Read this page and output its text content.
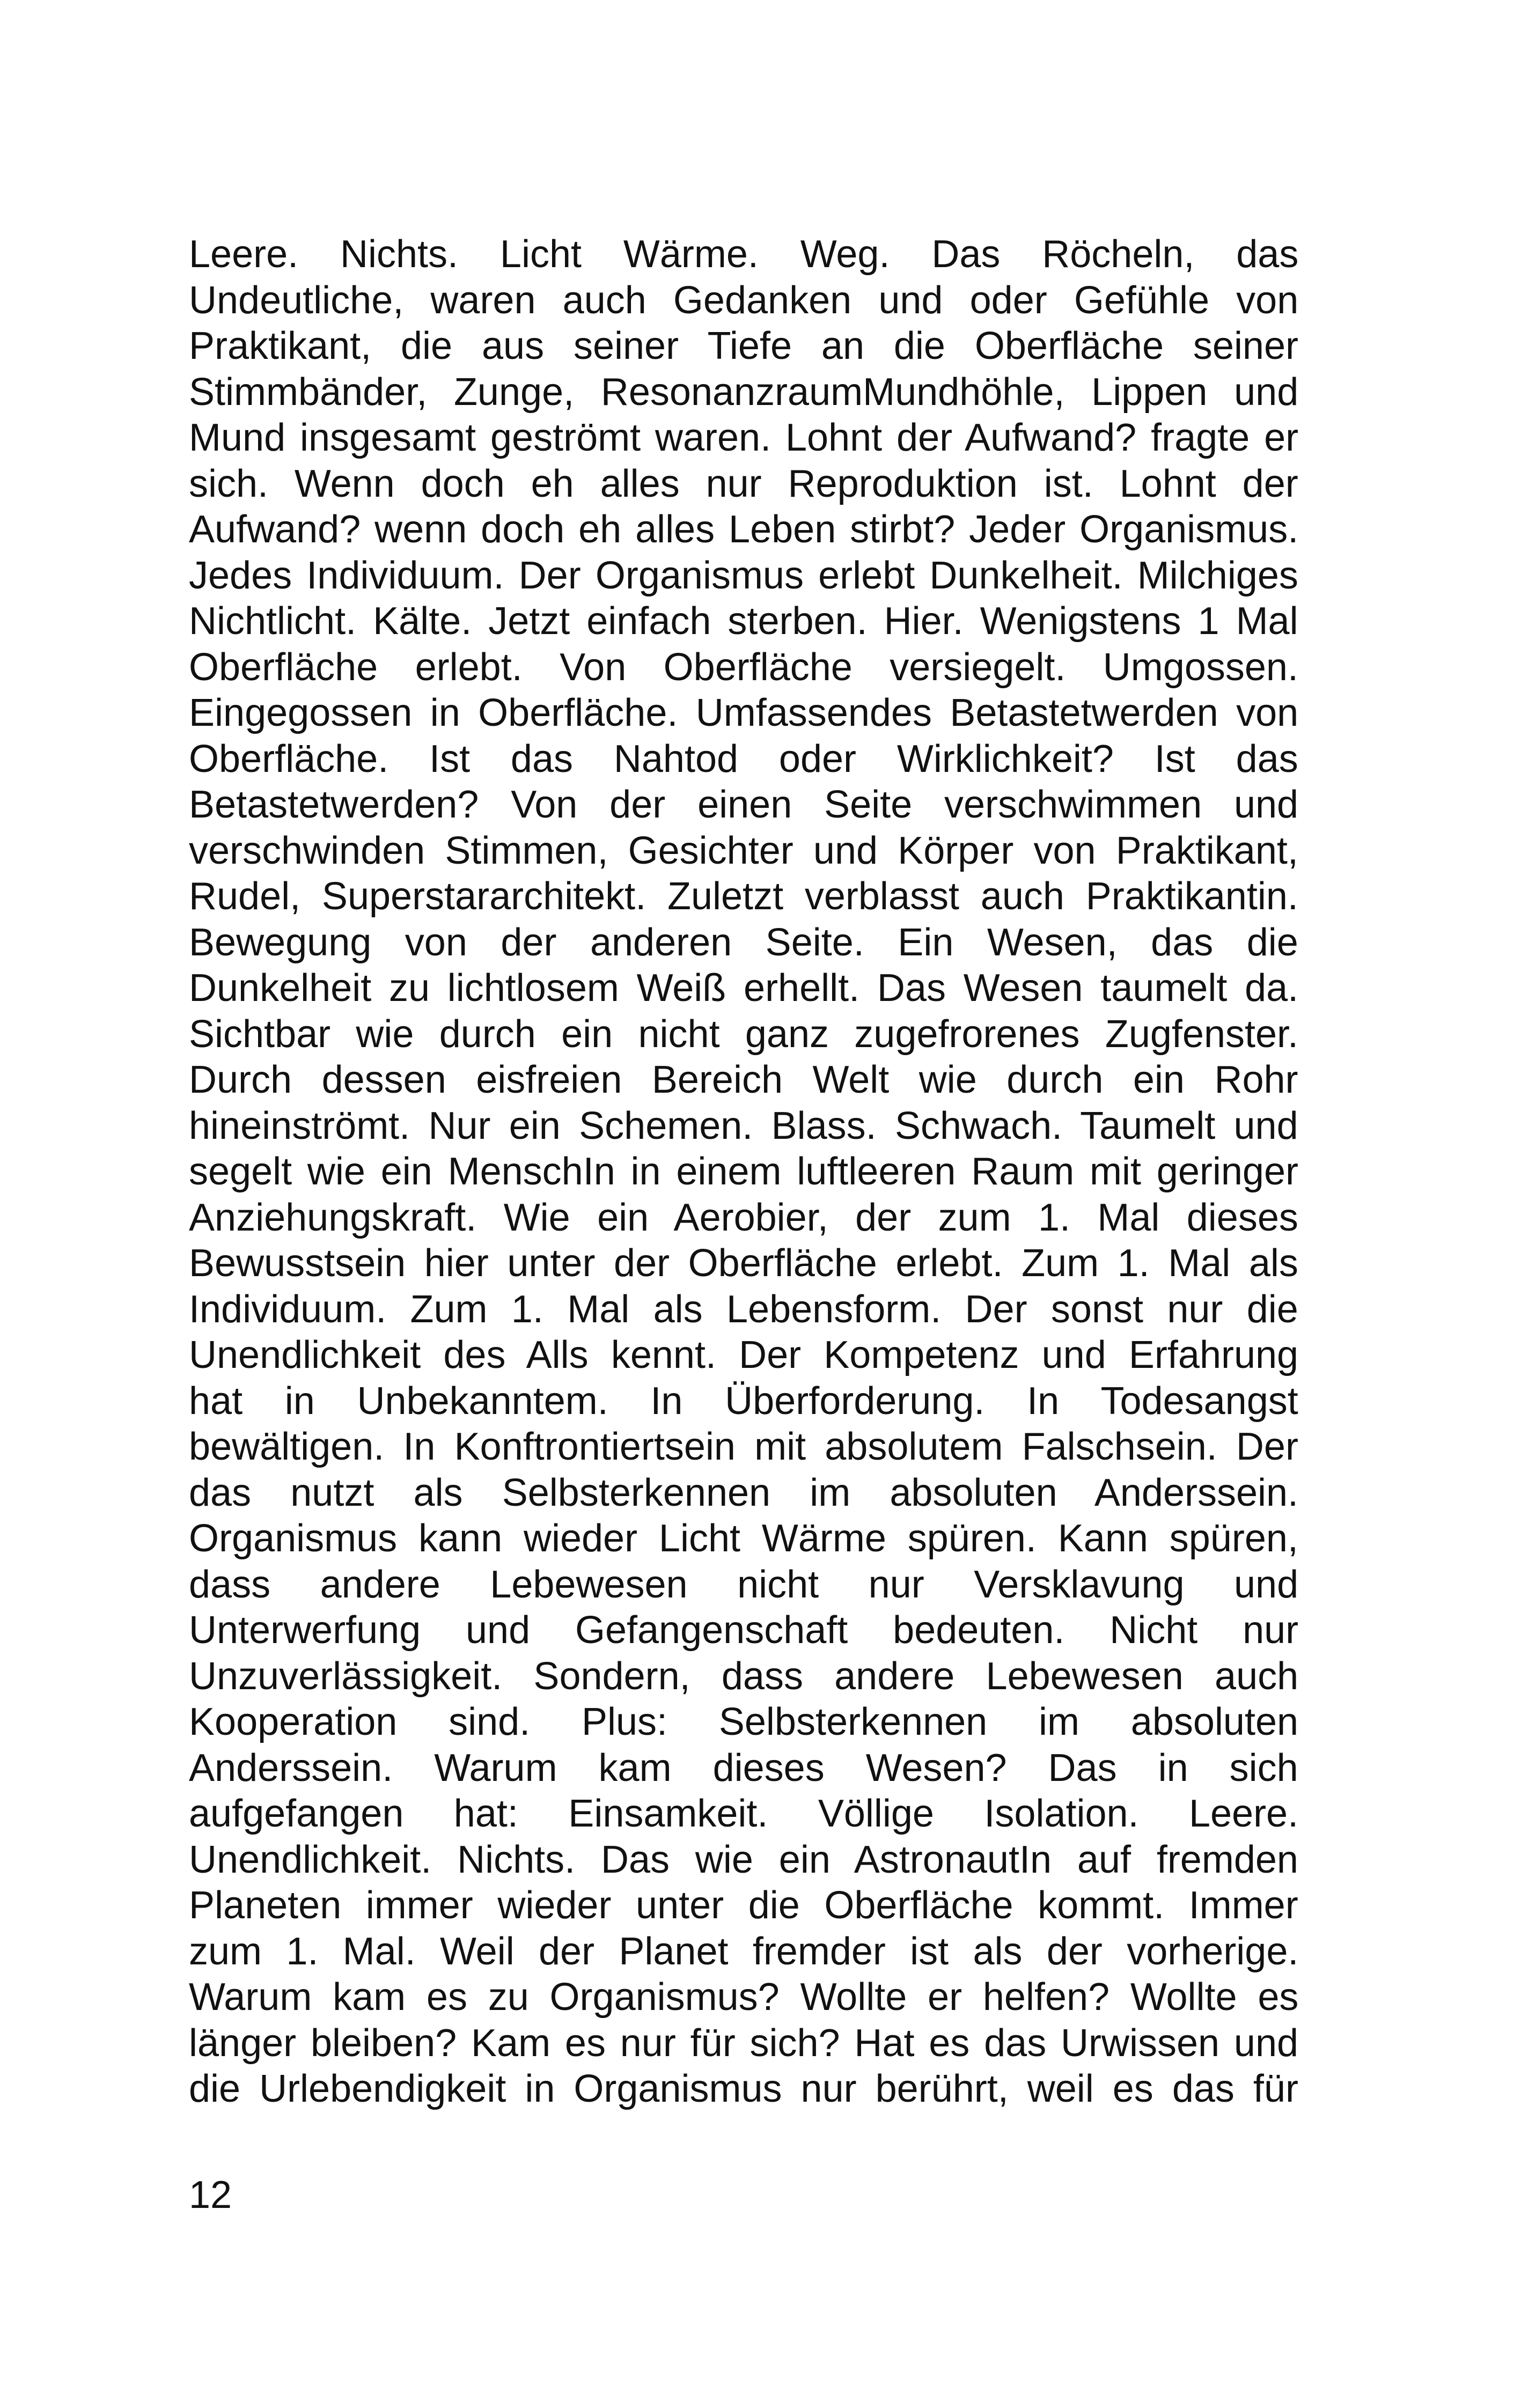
Leere. Nichts. Licht Wärme. Weg. Das Röcheln, das
Undeutliche, waren auch Gedanken und oder Gefühle von
Praktikant, die aus seiner Tiefe an die Oberfläche seiner
Stimmbänder, Zunge, ResonanzraumMundhöhle, Lippen und
Mund insgesamt geströmt waren. Lohnt der Aufwand? fragte er
sich. Wenn doch eh alles nur Reproduktion ist. Lohnt der
Aufwand? wenn doch eh alles Leben stirbt? Jeder Organismus.
Jedes Individuum. Der Organismus erlebt Dunkelheit. Milchiges
Nichtlicht. Kälte. Jetzt einfach sterben. Hier. Wenigstens 1 Mal
Oberfläche erlebt. Von Oberfläche versiegelt. Umgossen.
Eingegossen in Oberfläche. Umfassendes Betastetwerden von
Oberfläche. Ist das Nahtod oder Wirklichkeit? Ist das
Betastetwerden? Von der einen Seite verschwimmen und
verschwinden Stimmen, Gesichter und Körper von Praktikant,
Rudel, Superstararchitekt. Zuletzt verblasst auch Praktikantin.
Bewegung von der anderen Seite. Ein Wesen, das die
Dunkelheit zu lichtlosem Weiß erhellt. Das Wesen taumelt da.
Sichtbar wie durch ein nicht ganz zugefrorenes Zugfenster.
Durch dessen eisfreien Bereich Welt wie durch ein Rohr
hineinströmt. Nur ein Schemen. Blass. Schwach. Taumelt und
segelt wie ein MenschIn in einem luftleeren Raum mit geringer
Anziehungskraft. Wie ein Aerobier, der zum 1. Mal dieses
Bewusstsein hier unter der Oberfläche erlebt. Zum 1. Mal als
Individuum. Zum 1. Mal als Lebensform. Der sonst nur die
Unendlichkeit des Alls kennt. Der Kompetenz und Erfahrung
hat in Unbekanntem. In Überforderung. In Todesangst
bewältigen. In Konftrontiertsein mit absolutem Falschsein. Der
das nutzt als Selbsterkennen im absoluten Anderssein.
Organismus kann wieder Licht Wärme spüren. Kann spüren,
dass andere Lebewesen nicht nur Versklavung und
Unterwerfung und Gefangenschaft bedeuten. Nicht nur
Unzuverlässigkeit. Sondern, dass andere Lebewesen auch
Kooperation sind. Plus: Selbsterkennen im absoluten
Anderssein. Warum kam dieses Wesen? Das in sich
aufgefangen hat: Einsamkeit. Völlige Isolation. Leere.
Unendlichkeit. Nichts. Das wie ein AstronautIn auf fremden
Planeten immer wieder unter die Oberfläche kommt. Immer
zum 1. Mal. Weil der Planet fremder ist als der vorherige.
Warum kam es zu Organismus? Wollte er helfen? Wollte es
länger bleiben? Kam es nur für sich? Hat es das Urwissen und
die Urlebendigkeit in Organismus nur berührt, weil es das für
12
